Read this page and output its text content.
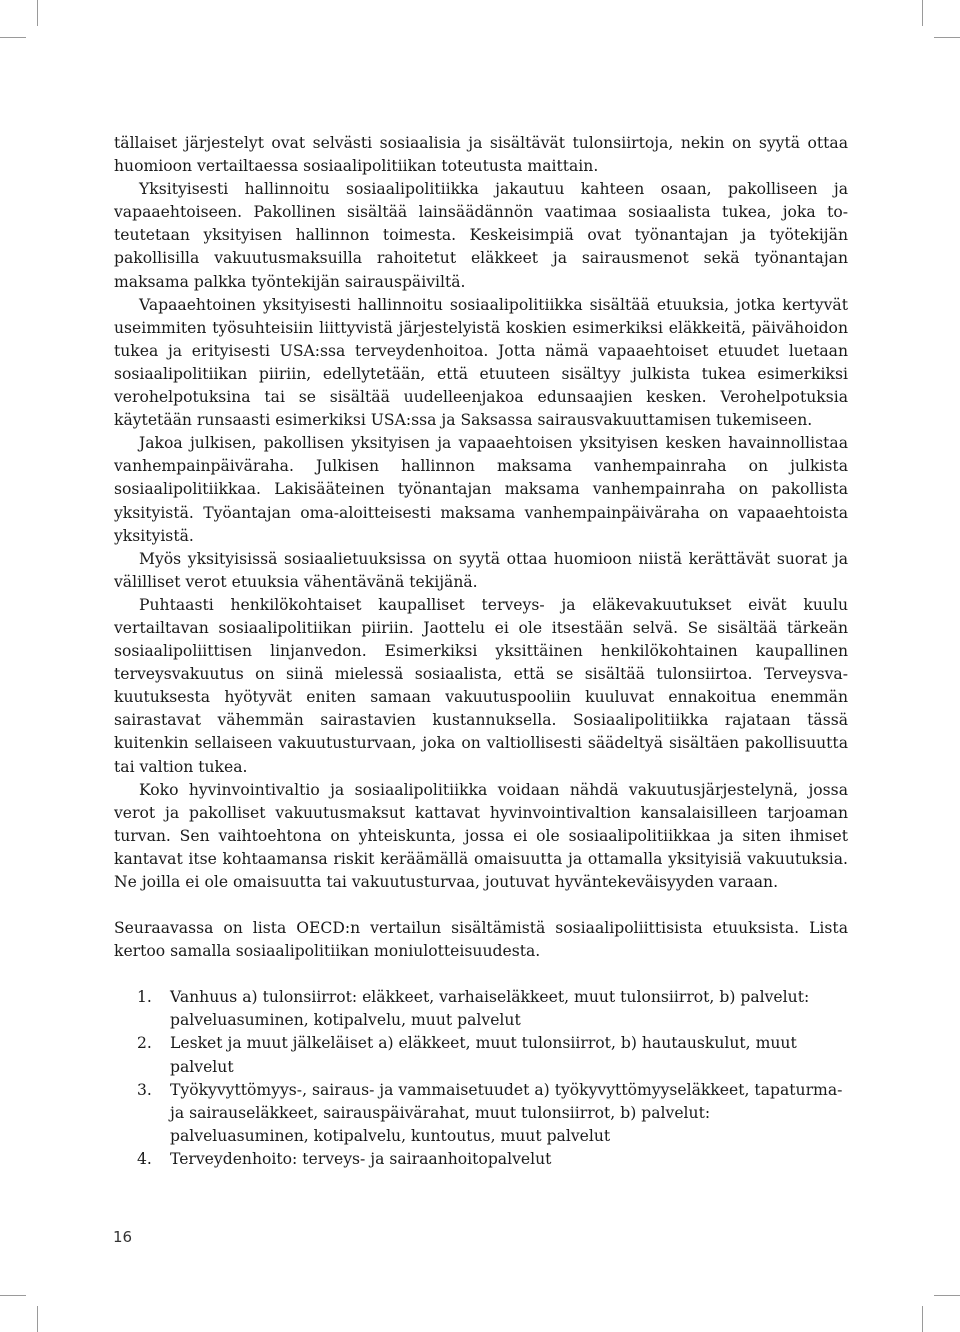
tällaiset järjestelyt ovat selvästi sosiaalisia ja sisältävät tulonsiirtoja, nekin on syytä ottaa huomioon vertailtaessa sosiaalipolitiikan toteutusta maittain.

Yksityisesti hallinnoitu sosiaalipolitiikka jakautuu kahteen osaan, pakolliseen ja vapaaehtoiseen. Pakollinen sisältää lainsäädännön vaatimaa sosiaalista tukea, joka toteutetaan yksityisen hallinnon toimesta. Keskeisimpiä ovat työnantajan ja työtekijän pakollisilla vakuutusmaksuilla rahoitetut eläkkeet ja sairausmenot sekä työnantajan maksama palkka työntekijän sairauspäiviltä.

Vapaaehtoinen yksityisesti hallinnoitu sosiaalipolitiikka sisältää etuuksia, jotka kertyvät useimmiten työsuhteisiin liittyvistä järjestelyistä koskien esimerkiksi eläkkeitä, päivähoidon tukea ja erityisesti USA:ssa terveydenhoitoa. Jotta nämä vapaaehtoiset etuudet luetaan sosiaalipolitiikan piiriin, edellytetään, että etuuteen sisältyy julkista tukea esimerkiksi verohelpotuksina tai se sisältää uudelleenjakoa edunsaajien kesken. Verohelpotuksia käytetään runsaasti esimerkiksi USA:ssa ja Saksassa sairausvakuuttamisen tukemiseen.

Jakoa julkisen, pakollisen yksityisen ja vapaaehtoisen yksityisen kesken havainnollistaa vanhempainpäiväraha. Julkisen hallinnon maksama vanhempainraha on julkista sosiaalipolitiikkaa. Lakisääteinen työnantajan maksama vanhempainraha on pakollista yksityistä. Työantajan oma-aloitteisesti maksama vanhempainpäiväraha on vapaaehtoista yksityistä.

Myös yksityisissä sosiaalietuuksissa on syytä ottaa huomioon niistä kerättävät suorat ja välilliset verot etuuksia vähentävänä tekijänä.

Puhtaasti henkilökohtaiset kaupalliset terveys- ja eläkevakuutukset eivät kuulu vertailtavan sosiaalipolitiikan piiriin. Jaottelu ei ole itsestään selvä. Se sisältää tärkeän sosiaalipoliittisen linjanvedon. Esimerkiksi yksittäinen henkilökohtainen kaupallinen terveysvakuutus on siinä mielessä sosiaalista, että se sisältää tulonsiirtoa. Terveysvakuutuksesta hyötyvät eniten samaan vakuutuspooliin kuuluvat ennakoitua enemmän sairastavat vähemmän sairastavien kustannuksella. Sosiaalipolitiikka rajataan tässä kuitenkin sellaiseen vakuutusturvaan, joka on valtiollisesti säädeltyä sisältäen pakollisuutta tai valtion tukea.

Koko hyvinvointivaltio ja sosiaalipolitiikka voidaan nähdä vakuutusjärjestelynä, jossa verot ja pakolliset vakuutusmaksut kattavat hyvinvointivaltion kansalaisilleen tarjoaman turvan. Sen vaihtoehtona on yhteiskunta, jossa ei ole sosiaalipolitiikkaa ja siten ihmiset kantavat itse kohtaamansa riskit keräämällä omaisuutta ja ottamalla yksityisiä vakuutuksia. Ne joilla ei ole omaisuutta tai vakuutusturvaa, joutuvat hyväntekeväisyyden varaan.

Seuraavassa on lista OECD:n vertailun sisältämistä sosiaalipoliittisista etuuksista. Lista kertoo samalla sosiaalipolitiikan moniulotteisuudesta.

1. Vanhuus a) tulonsiirrot: eläkkeet, varhaiseläkkeet, muut tulonsiirrot, b) palvelut: palveluasuminen, kotipalvelu, muut palvelut
2. Lesket ja muut jälkeläiset a) eläkkeet, muut tulonsiirrot, b) hautauskulut, muut palvelut
3. Työkyvyttömyys-, sairaus- ja vammaisetuudet a) työkyvyttömyyseläkkeet, tapaturma- ja sairauseläkkeet, sairauspäivärahat, muut tulonsiirrot, b) palvelut: palveluasuminen, kotipalvelu, kuntoutus, muut palvelut
4. Terveydenhoito: terveys- ja sairaanhoitopalvelut
16
